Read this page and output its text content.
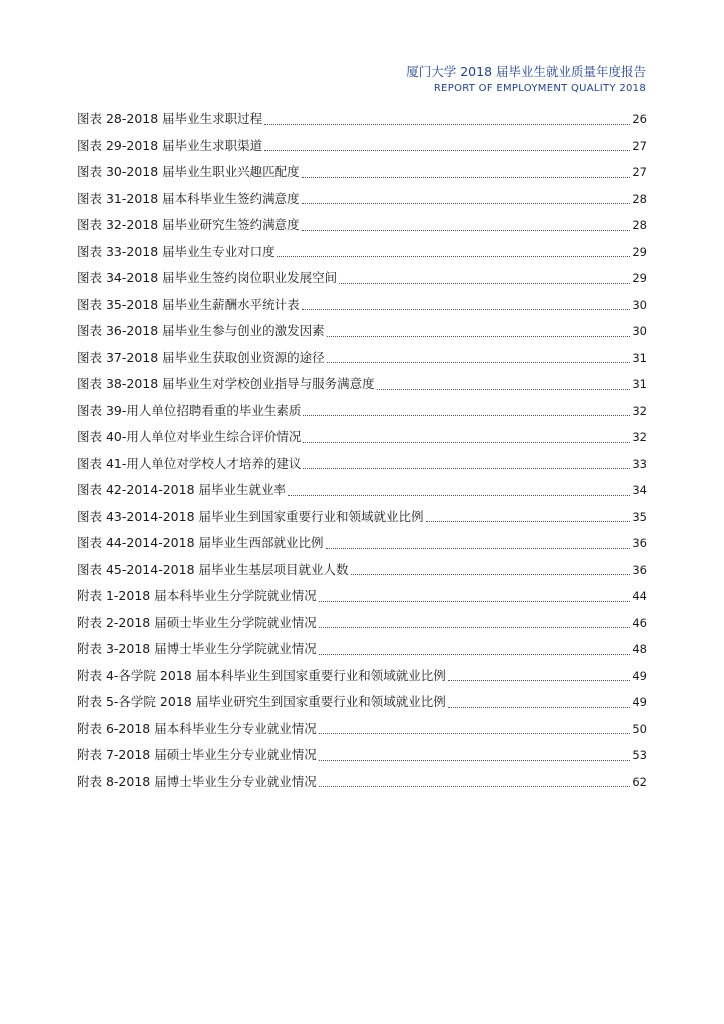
厦门大学 2018 届毕业生就业质量年度报告
REPORT OF EMPLOYMENT QUALITY 2018
图表 28-2018 届毕业生求职过程	26
图表 29-2018 届毕业生求职渠道	27
图表 30-2018 届毕业生职业兴趣匹配度	27
图表 31-2018 届本科毕业生签约满意度	28
图表 32-2018 届毕业研究生签约满意度	28
图表 33-2018 届毕业生专业对口度	29
图表 34-2018 届毕业生签约岗位职业发展空间	29
图表 35-2018 届毕业生薪酬水平统计表	30
图表 36-2018 届毕业生参与创业的激发因素	30
图表 37-2018 届毕业生获取创业资源的途径	31
图表 38-2018 届毕业生对学校创业指导与服务满意度	31
图表 39-用人单位招聘看重的毕业生素质	32
图表 40-用人单位对毕业生综合评价情况	32
图表 41-用人单位对学校人才培养的建议	33
图表 42-2014-2018 届毕业生就业率	34
图表 43-2014-2018 届毕业生到国家重要行业和领域就业比例	35
图表 44-2014-2018 届毕业生西部就业比例	36
图表 45-2014-2018 届毕业生基层项目就业人数	36
附表 1-2018 届本科毕业生分学院就业情况	44
附表 2-2018 届硕士毕业生分学院就业情况	46
附表 3-2018 届博士毕业生分学院就业情况	48
附表 4-各学院 2018 届本科毕业生到国家重要行业和领域就业比例	49
附表 5-各学院 2018 届毕业研究生到国家重要行业和领域就业比例	49
附表 6-2018 届本科毕业生分专业就业情况	50
附表 7-2018 届硕士毕业生分专业就业情况	53
附表 8-2018 届博士毕业生分专业就业情况	62
